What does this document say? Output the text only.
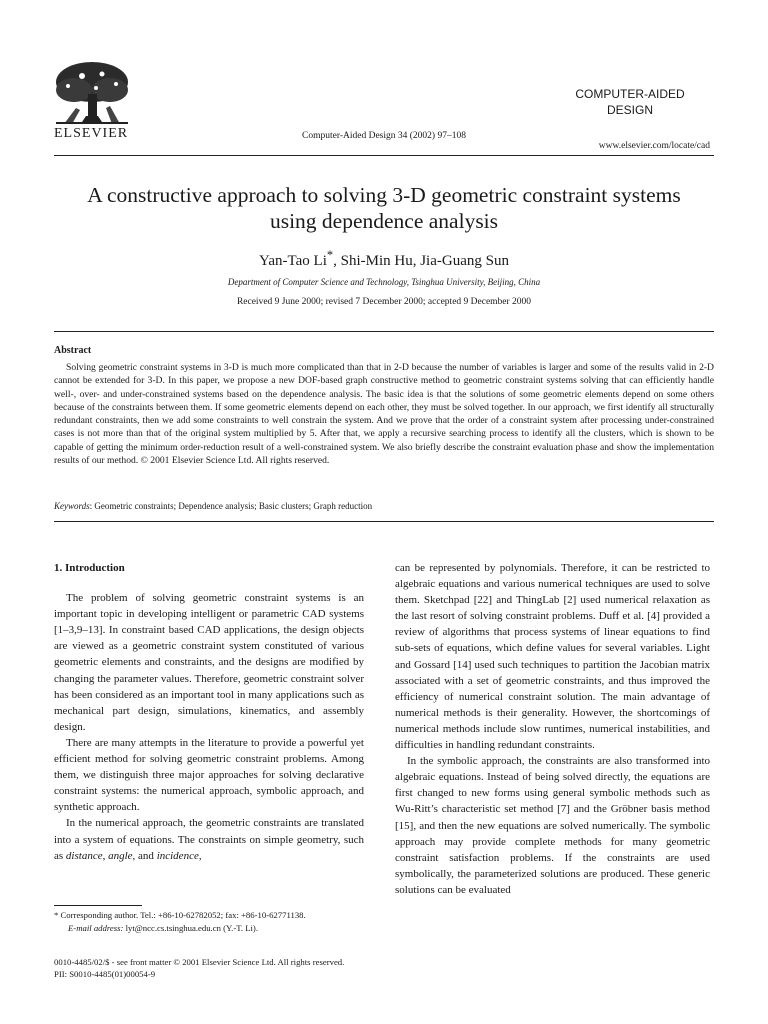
ELSEVIER	Computer-Aided Design 34 (2002) 97–108
COMPUTER-AIDED
DESIGN
www.elsevier.com/locate/cad
A constructive approach to solving 3-D geometric constraint systems
using dependence analysis
Yan-Tao Li*, Shi-Min Hu, Jia-Guang Sun
Department of Computer Science and Technology, Tsinghua University, Beijing, China
Received 9 June 2000; revised 7 December 2000; accepted 9 December 2000
Abstract
Solving geometric constraint systems in 3-D is much more complicated than that in 2-D because the number of variables is larger and some of the results valid in 2-D cannot be extended for 3-D. In this paper, we propose a new DOF-based graph constructive method to geometric constraint systems solving that can efficiently handle well-, over- and under-constrained systems based on the dependence analysis. The basic idea is that the solutions of some geometric elements depend on some others because of the constraints between them. If some geometric elements depend on each other, they must be solved together. In our approach, we first identify all structurally redundant constraints, then we add some constraints to well constrain the system. And we prove that the order of a constraint system after processing under-constrained cases is not more than that of the original system multiplied by 5. After that, we apply a recursive searching process to identify all the clusters, which is shown to be capable of getting the minimum order-reduction result of a well-constrained system. We also briefly describe the constraint evaluation phase and show the implementation results of our method. © 2001 Elsevier Science Ltd. All rights reserved.
Keywords: Geometric constraints; Dependence analysis; Basic clusters; Graph reduction

1. Introduction

The problem of solving geometric constraint systems is an important topic in developing intelligent or parametric CAD systems [1–3,9–13]. In constraint based CAD applications, the design objects are viewed as a geometric constraint system constituted of various geometric elements and constraints, and the designs are modified by changing the parameter values. Therefore, geometric constraint solver has been considered as an important tool in many applications such as mechanical part design, simulations, kinematics, and assembly design.

There are many attempts in the literature to provide a powerful yet efficient method for solving geometric constraint problems. Among them, we distinguish three major approaches for solving declarative constraint systems: the numerical approach, symbolic approach, and synthetic approach.

In the numerical approach, the geometric constraints are translated into a system of equations. The constraints on simple geometry, such as distance, angle, and incidence,

can be represented by polynomials. Therefore, it can be restricted to algebraic equations and various numerical techniques are used to solve them. Sketchpad [22] and ThingLab [2] used numerical relaxation as the last resort of solving constraint problems. Duff et al. [4] provided a review of algorithms that process systems of linear equations to find sub-sets of equations, which define values for several variables. Light and Gossard [14] used such techniques to partition the Jacobian matrix associated with a set of geometric constraints, and thus improved the efficiency of numerical constraint solution. The main advantage of numerical methods is their generality. However, the shortcomings of numerical methods include slow runtimes, numerical instabilities, and difficulties in handling redundant constraints.

In the symbolic approach, the constraints are also transformed into algebraic equations. Instead of being solved directly, the equations are first changed to new forms using general symbolic methods such as Wu-Ritt’s characteristic set method [7] and the Gröbner basis method [15], and then the new equations are solved numerically. The symbolic approach may provide complete methods for many geometric constraint satisfaction problems. If the constraints are used symbolically, the parameterized solutions are produced. These generic solutions can be evaluated

* Corresponding author. Tel.: +86-10-62782052; fax: +86-10-62771138.
E-mail address: lyt@ncc.cs.tsinghua.edu.cn (Y.-T. Li).
0010-4485/02/$ - see front matter © 2001 Elsevier Science Ltd. All rights reserved.
PII: S0010-4485(01)00054-9
